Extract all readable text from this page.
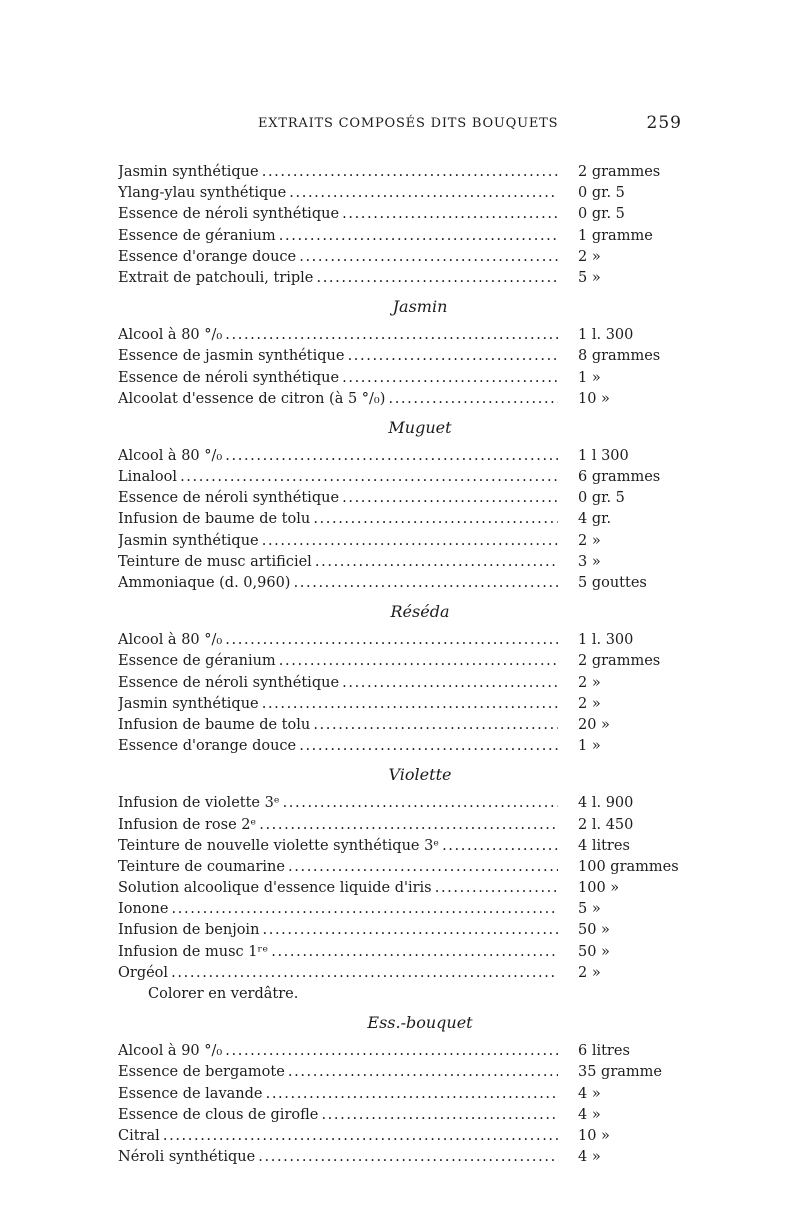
EXTRAITS COMPOSÉS DITS BOUQUETS	259
Jasmin synthétique . . .	2 grammes
Ylang-ylau synthétique . . .	0 gr. 5
Essence de néroli synthétique . . .	0 gr. 5
Essence de géranium . . .	1 gramme
Essence d'orange douce . . .	2 »
Extrait de patchouli, triple . . .	5 »
Jasmin
Alcool à 80 °/₀ . . .	1 l. 300
Essence de jasmin synthétique . . .	8 grammes
Essence de néroli synthétique . . .	1 »
Alcoolat d'essence de citron (à 5 °/₀) . . .	10 »
Muguet
Alcool à 80 °/₀ . . .	1 l 300
Linalool . . .	6 grammes
Essence de néroli synthétique . . .	0 gr. 5
Infusion de baume de tolu . . .	4 gr.
Jasmin synthétique . . .	2 »
Teinture de musc artificiel . . .	3 »
Ammoniaque (d. 0,960) . . .	5 gouttes
Réséda
Alcool à 80 °/₀ . . .	1 l. 300
Essence de géranium . . .	2 grammes
Essence de néroli synthétique . . .	2 »
Jasmin synthétique . . .	2 »
Infusion de baume de tolu . . .	20 »
Essence d'orange douce . . .	1 »
Violette
Infusion de violette 3ᵉ . . .	4 l. 900
Infusion de rose 2ᵉ . . .	2 l. 450
Teinture de nouvelle violette synthétique 3ᵉ . . .	4 litres
Teinture de coumarine . . .	100 grammes
Solution alcoolique d'essence liquide d'iris . . .	100 »
Ionone . . .	5 »
Infusion de benjoin . . .	50 »
Infusion de musc 1ʳᵉ . . .	50 »
Orgéol . . .	2 »
Colorer en verdâtre.
Ess.-bouquet
Alcool à 90 °/₀ . . .	6 litres
Essence de bergamote . . .	35 gramme
Essence de lavande . . .	4 »
Essence de clous de girofle . . .	4 »
Citral . . .	10 »
Néroli synthétique . . .	4 »
